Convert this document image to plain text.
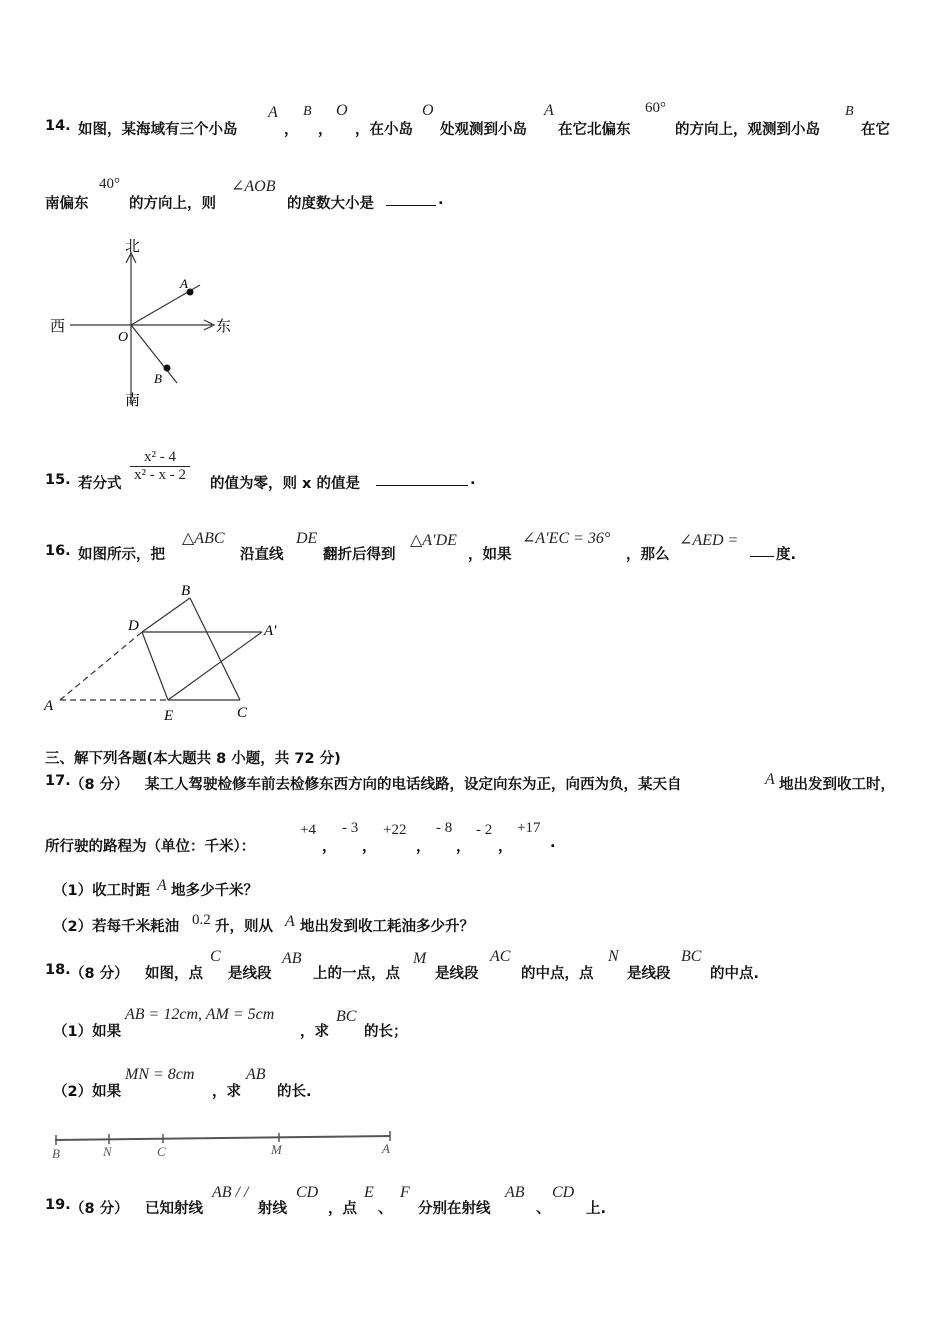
14. 如图，某海域有三个小岛
A
，
B
，
O
，在小岛
O
处观测到小岛
A
在它北偏东
60°
的方向上，观测到小岛
B
在它
南偏东
40°
的方向上，则
∠AOB
的度数大小是	.
北
南
东
西
O
A
B
15. 若分式 $\frac{\text{x² - 4}}{\text{x² - x - 2}}$ 的值为零，则 x 的值是	.
16. 如图所示，把
△ABC
沿直线
DE
翻折后得到
△A′DE
，如果
∠A′EC = 36°
，那么
∠AED =
度.
A
B
C
D
E
A′
三、解下列各题(本大题共 8 小题，共 72 分)
17. （8 分） 某工人驾驶检修车前去检修东西方向的电话线路，设定向东为正，向西为负，某天自	A 地出发到收工时，
所行驶的路程为（单位：千米）：
+4
，
- 3
，
+22
，
- 8
，
- 2
，
+17
.
（1）收工时距 A 地多少千米？
（2）若每千米耗油 0.2 升，则从 A 地出发到收工耗油多少升？
18. （8 分） 如图，点
C
是线段
AB
上的一点，点
M
是线段
AC
的中点，点
N
是线段
BC
的中点.
（1）如果
AB = 12cm, AM = 5cm
，求
BC
的长；
（2）如果
MN = 8cm
，求
AB
的长.
B	N	C	M	A
19. （8 分） 已知射线
AB / /
射线
CD
，点
E
、
F
分别在射线
AB
、
CD
上.
